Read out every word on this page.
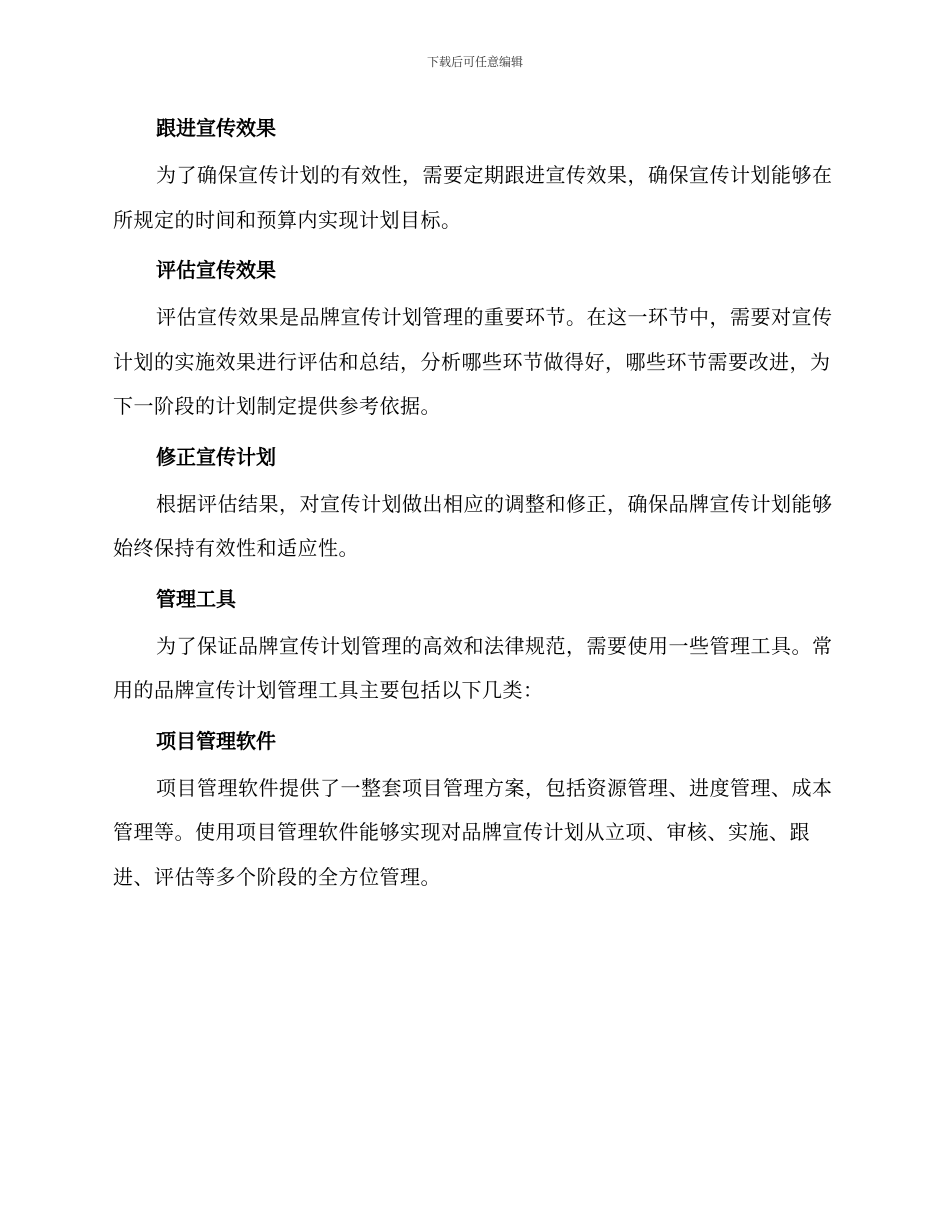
下载后可任意编辑
跟进宣传效果

为了确保宣传计划的有效性，需要定期跟进宣传效果，确保宣传计划能够在所规定的时间和预算内实现计划目标。

评估宣传效果

评估宣传效果是品牌宣传计划管理的重要环节。在这一环节中，需要对宣传计划的实施效果进行评估和总结，分析哪些环节做得好，哪些环节需要改进，为下一阶段的计划制定提供参考依据。

修正宣传计划

根据评估结果，对宣传计划做出相应的调整和修正，确保品牌宣传计划能够始终保持有效性和适应性。

管理工具

为了保证品牌宣传计划管理的高效和法律规范，需要使用一些管理工具。常用的品牌宣传计划管理工具主要包括以下几类：

项目管理软件

项目管理软件提供了一整套项目管理方案，包括资源管理、进度管理、成本管理等。使用项目管理软件能够实现对品牌宣传计划从立项、审核、实施、跟进、评估等多个阶段的全方位管理。
